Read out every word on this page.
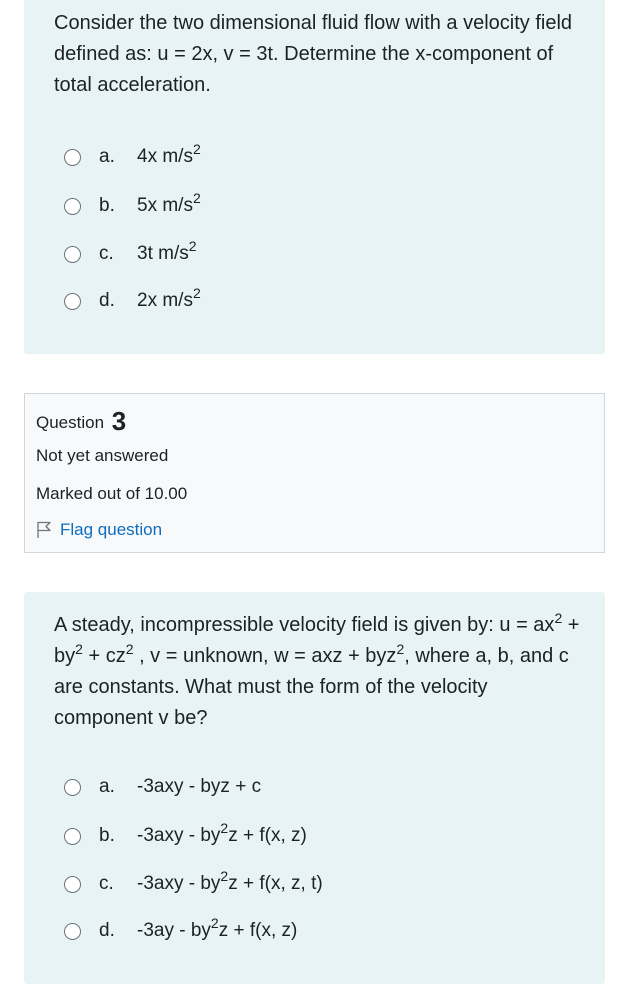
Consider the two dimensional fluid flow with a velocity field defined as: u = 2x, v = 3t. Determine the x-component of total acceleration.
a.	4x $m/s^2$
b.	5x $m/s^2$
c.	3t $m/s^2$
d.	2x $m/s^2$
Question 3
Not yet answered
Marked out of 10.00
Flag question
A steady, incompressible velocity field is given by: $u = ax^2 + by^2 + cz^2$ , v = unknown, w = axz + byz$^2$, where a, b, and c are constants. What must the form of the velocity component v be?
a.	-3axy - byz + c
b.	$-3axy - by^2z + f(x$, z)
c.	$-3axy - by^2z + f(x$, z, t)
d.	$-3ay - by^2z + f(x$, z)
